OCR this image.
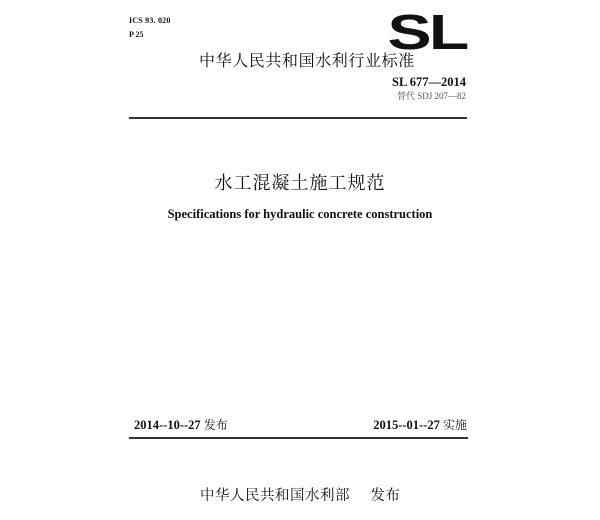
ICS 93. 020
P 25	SL
中华人民共和国水利行业标准
SL 677—2014
替代 SDJ 207—82
水工混凝土施工规范
Specifications for hydraulic concrete construction
2014--10--27 发布	2015--01--27 实施
中华人民共和国水利部 发布
